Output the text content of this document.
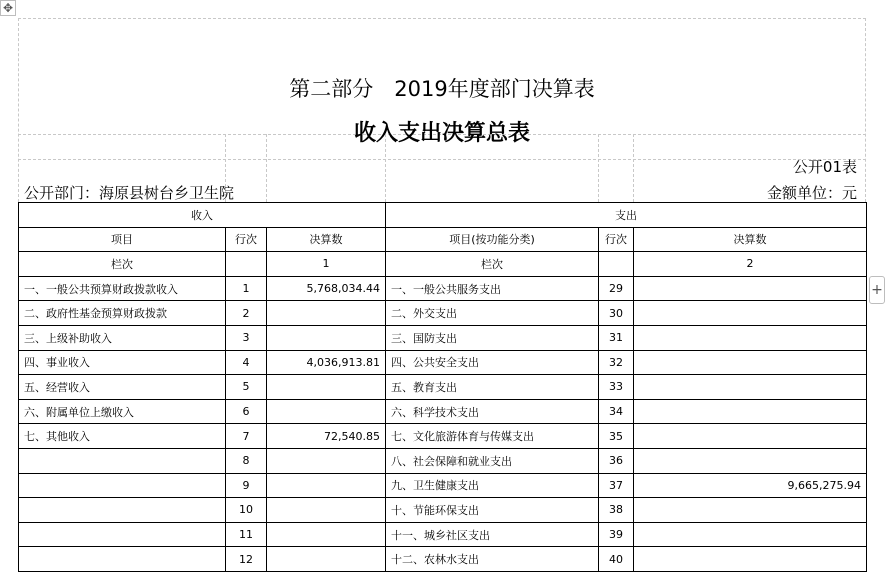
✥
+
第二部分　2019年度部门决算表
收入支出决算总表
公开01表
公开部门：海原县树台乡卫生院	金额单位：元
收入			支出		
项目	行次	决算数	项目(按功能分类)	行次	决算数
栏次		1	栏次		2
一、一般公共预算财政拨款收入	1	5,768,034.44	一、一般公共服务支出	29	
二、政府性基金预算财政拨款	2		二、外交支出	30	
三、上级补助收入	3		三、国防支出	31	
四、事业收入	4	4,036,913.81	四、公共安全支出	32	
五、经营收入	5		五、教育支出	33	
六、附属单位上缴收入	6		六、科学技术支出	34	
七、其他收入	7	72,540.85	七、文化旅游体育与传媒支出	35	
	8		八、社会保障和就业支出	36	
	9		九、卫生健康支出	37	9,665,275.94
	10		十、节能环保支出	38	
	11		十一、城乡社区支出	39	
	12		十二、农林水支出	40	
